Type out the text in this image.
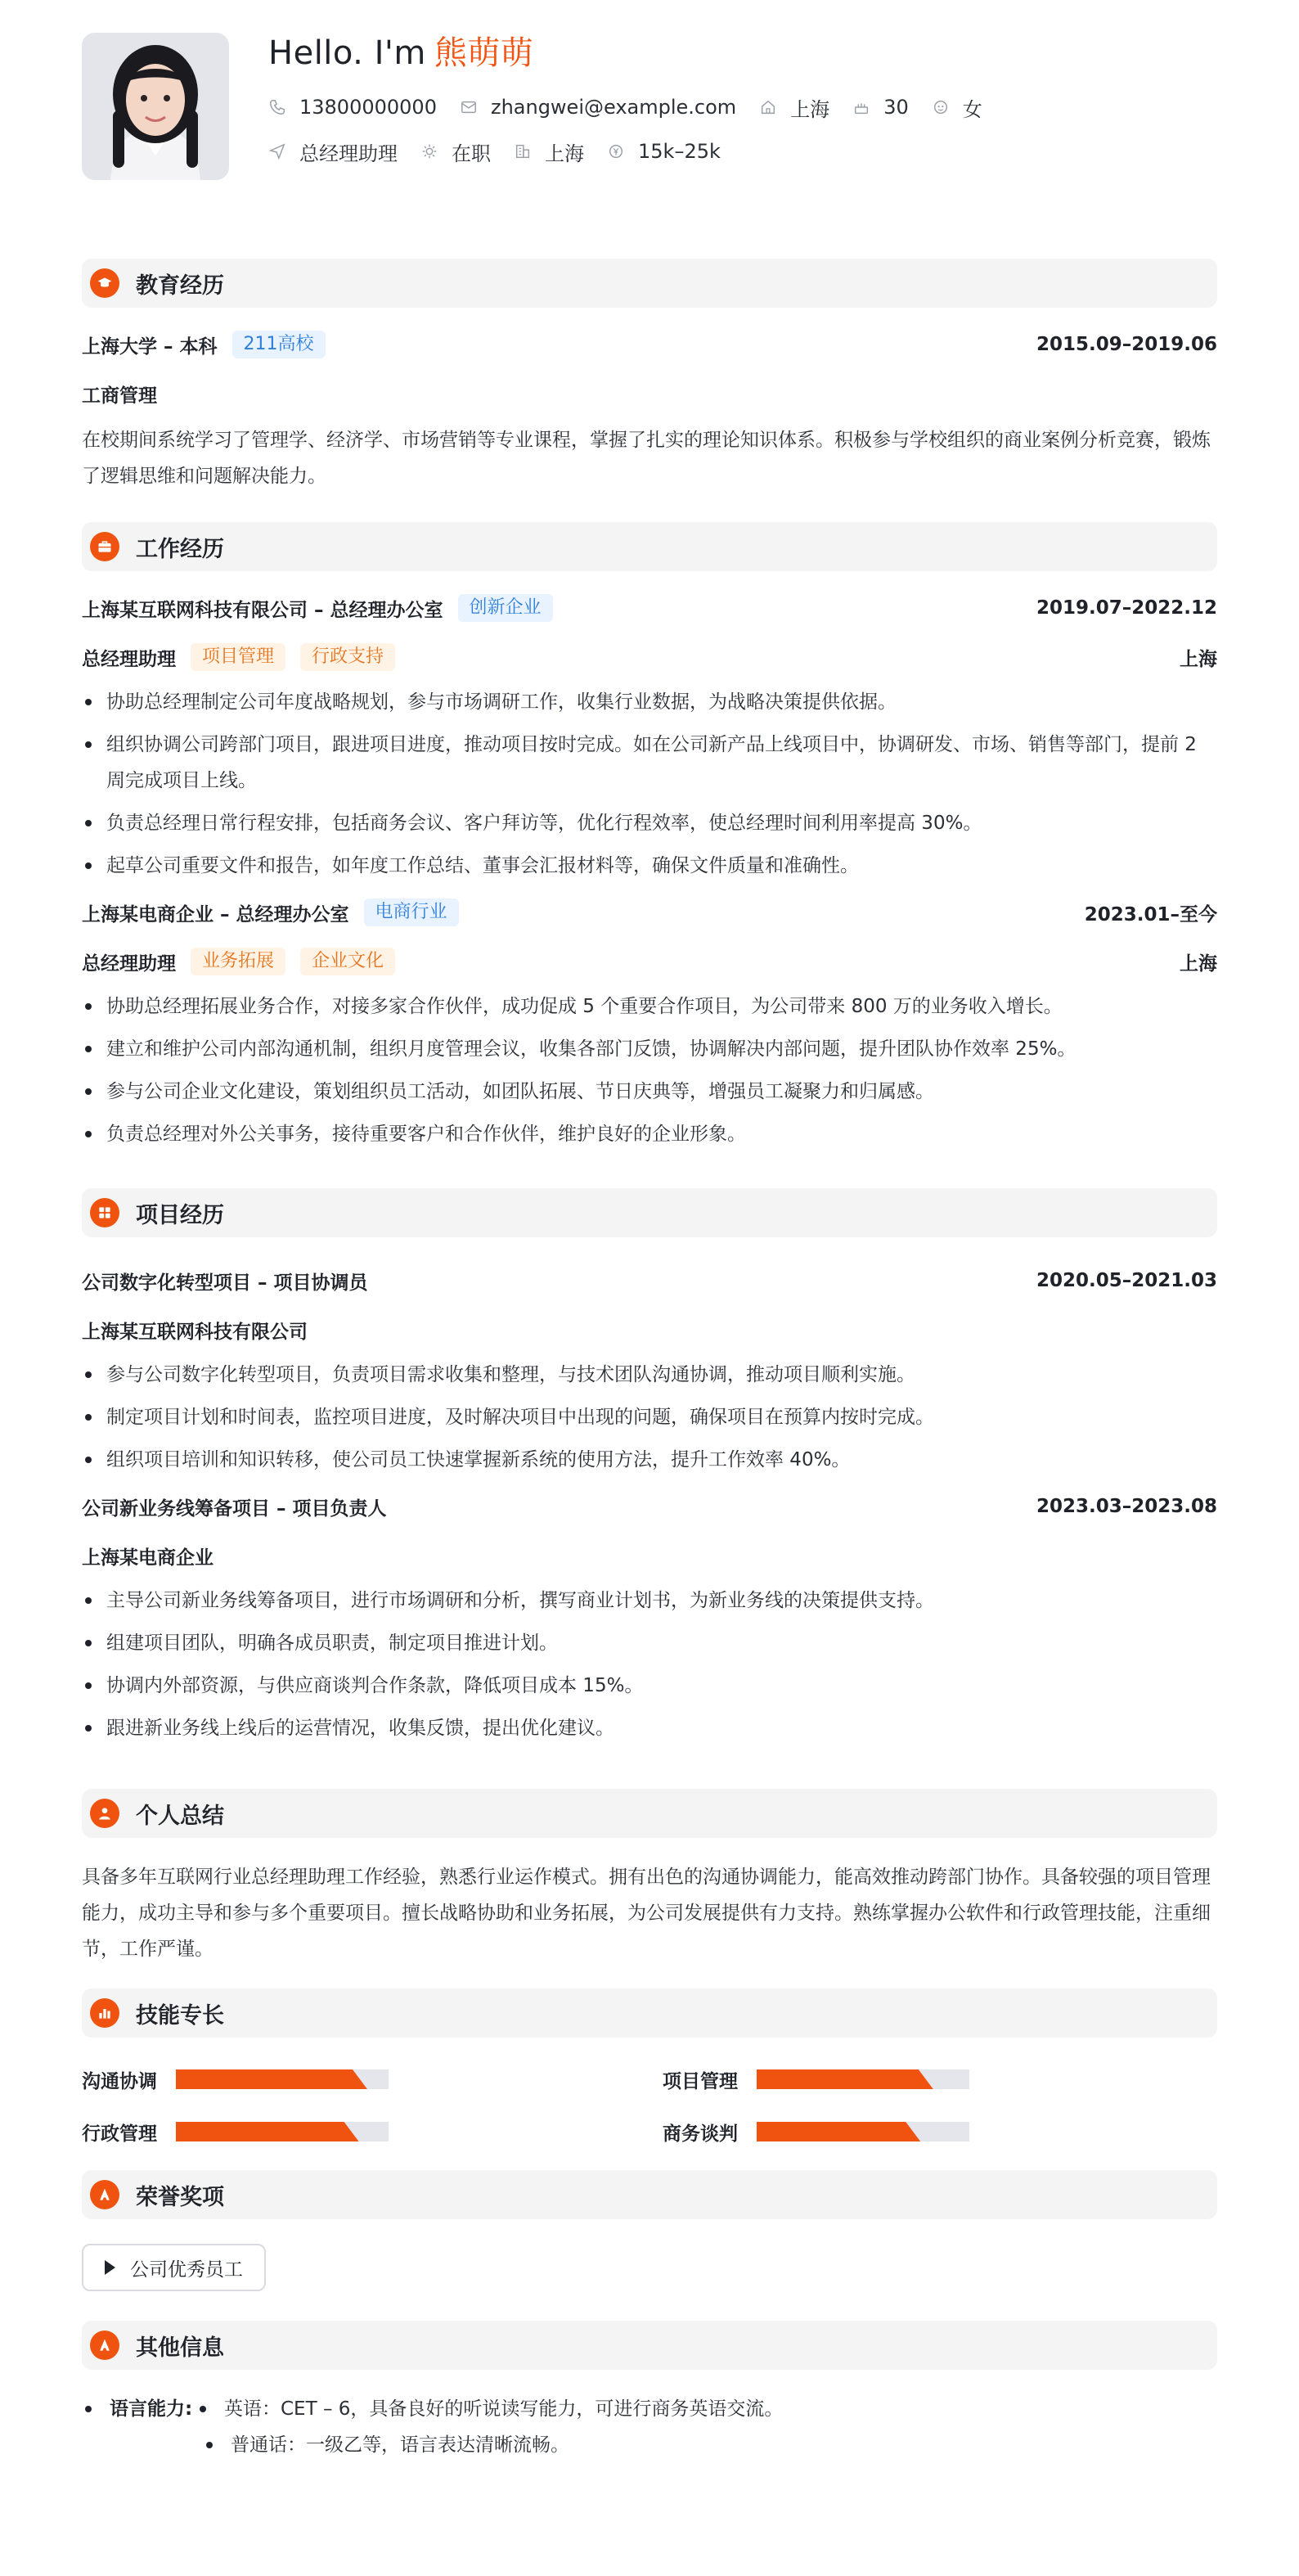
Hello. I'm 熊萌萌
13800000000	zhangwei@example.com	上海	30	女
总经理助理	在职	上海	15k–25k
教育经历
上海大学 – 本科	211高校	2015.09–2019.06
工商管理
在校期间系统学习了管理学、经济学、市场营销等专业课程，掌握了扎实的理论知识体系。积极参与学校组织的商业案例分析竞赛，锻炼了逻辑思维和问题解决能力。
工作经历
上海某互联网科技有限公司 – 总经理办公室	创新企业	2019.07–2022.12
总经理助理	项目管理	行政支持	上海
协助总经理制定公司年度战略规划，参与市场调研工作，收集行业数据，为战略决策提供依据。
组织协调公司跨部门项目，跟进项目进度，推动项目按时完成。如在公司新产品上线项目中，协调研发、市场、销售等部门，提前 2 周完成项目上线。
负责总经理日常行程安排，包括商务会议、客户拜访等，优化行程效率，使总经理时间利用率提高 30%。
起草公司重要文件和报告，如年度工作总结、董事会汇报材料等，确保文件质量和准确性。
上海某电商企业 – 总经理办公室	电商行业	2023.01–至今
总经理助理	业务拓展	企业文化	上海
协助总经理拓展业务合作，对接多家合作伙伴，成功促成 5 个重要合作项目，为公司带来 800 万的业务收入增长。
建立和维护公司内部沟通机制，组织月度管理会议，收集各部门反馈，协调解决内部问题，提升团队协作效率 25%。
参与公司企业文化建设，策划组织员工活动，如团队拓展、节日庆典等，增强员工凝聚力和归属感。
负责总经理对外公关事务，接待重要客户和合作伙伴，维护良好的企业形象。
项目经历
公司数字化转型项目 – 项目协调员	2020.05–2021.03
上海某互联网科技有限公司
参与公司数字化转型项目，负责项目需求收集和整理，与技术团队沟通协调，推动项目顺利实施。
制定项目计划和时间表，监控项目进度，及时解决项目中出现的问题，确保项目在预算内按时完成。
组织项目培训和知识转移，使公司员工快速掌握新系统的使用方法，提升工作效率 40%。
公司新业务线筹备项目 – 项目负责人	2023.03–2023.08
上海某电商企业
主导公司新业务线筹备项目，进行市场调研和分析，撰写商业计划书，为新业务线的决策提供支持。
组建项目团队，明确各成员职责，制定项目推进计划。
协调内外部资源，与供应商谈判合作条款，降低项目成本 15%。
跟进新业务线上线后的运营情况，收集反馈，提出优化建议。
个人总结
具备多年互联网行业总经理助理工作经验，熟悉行业运作模式。拥有出色的沟通协调能力，能高效推动跨部门协作。具备较强的项目管理能力，成功主导和参与多个重要项目。擅长战略协助和业务拓展，为公司发展提供有力支持。熟练掌握办公软件和行政管理技能，注重细节，工作严谨。
技能专长
沟通协调	项目管理
行政管理	商务谈判
荣誉奖项
公司优秀员工
其他信息
语言能力:	英语：CET – 6，具备良好的听说读写能力，可进行商务英语交流。
普通话：一级乙等，语言表达清晰流畅。
